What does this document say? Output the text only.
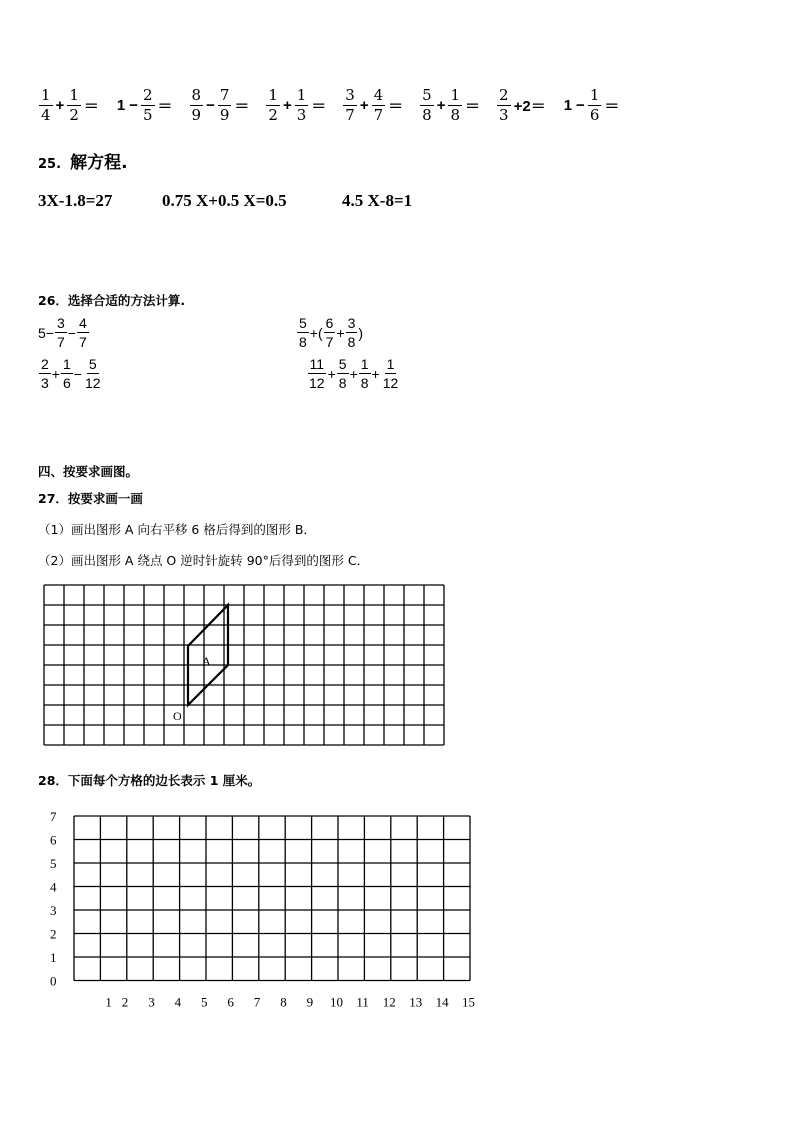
$\frac{1}{4} + \frac{1}{2} = 1 - \frac{2}{5} = \frac{8}{9} - \frac{7}{9} = \frac{1}{2} + \frac{1}{3} = \frac{3}{7} + \frac{4}{7} = \frac{5}{8} + \frac{1}{8} = \frac{2}{3} +2= 1 - \frac{1}{6}$ ＝
25. 解方程.
3X-1.8=27	0.75 X+0.5 X=0.5	4.5 X-8=1
26．选择合适的方法计算.
$5 - \frac{3}{7} - \frac{4}{7}$	$\frac{5}{8}$ +( $\frac{6}{7} + \frac{3}{8}$ )
$\frac{2}{3} + \frac{1}{6} - \frac{5}{12}$	$\frac{11}{12} + \frac{5}{8} + \frac{1}{8} + \frac{1}{12}$
四、按要求画图。
27．按要求画一画
（1）画出图形 A 向右平移 6 格后得到的图形 B．
（2）画出图形 A 绕点 O 逆时针旋转 90°后得到的图形 C．
A
O
28．下面每个方格的边长表示 1 厘米。
0
1
2
3
4
5
6
7
1 2 3 4 5 6 7 8 9 10 11 12 13 14 15
